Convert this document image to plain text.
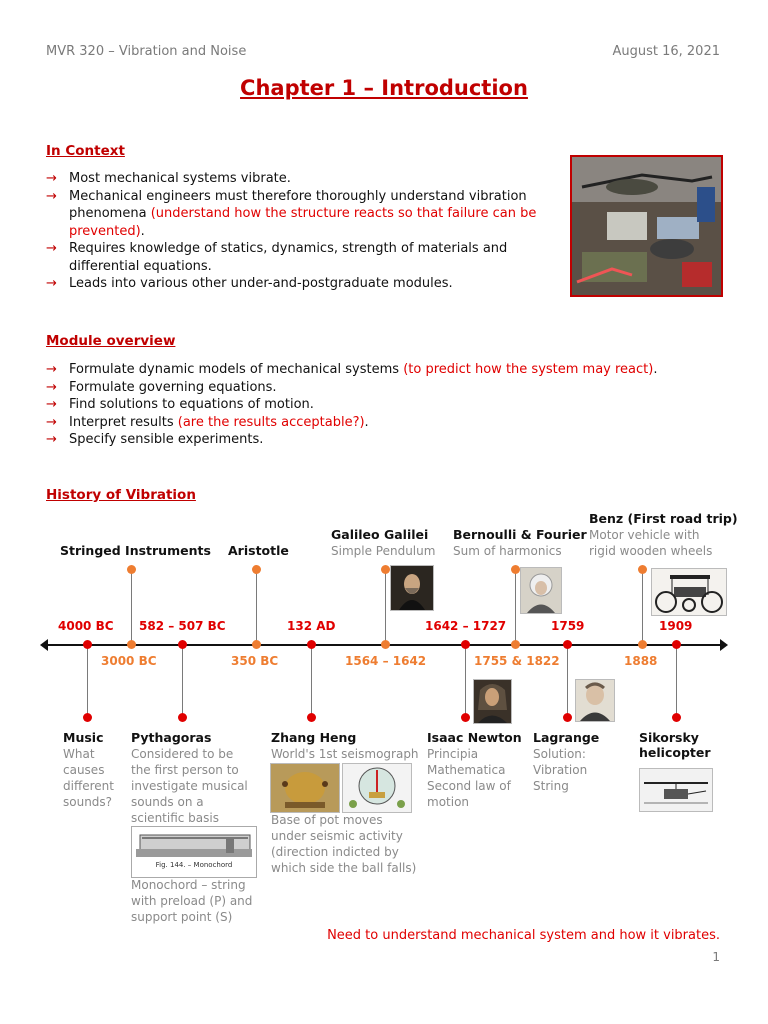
MVR 320 – Vibration and Noise	August 16, 2021
Chapter 1 – Introduction
In Context
→ Most mechanical systems vibrate.
→ Mechanical engineers must therefore thoroughly understand vibration phenomena (understand how the structure reacts so that failure can be prevented).
→ Requires knowledge of statics, dynamics, strength of materials and differential equations.
→ Leads into various other under-and-postgraduate modules.
Module overview
→ Formulate dynamic models of mechanical systems (to predict how the system may react).
→ Formulate governing equations.
→ Find solutions to equations of motion.
→ Interpret results (are the results acceptable?).
→ Specify sensible experiments.
History of Vibration
4000 BC 582 – 507 BC	132 AD	1642 – 1727	1759	1909
3000 BC	350 BC	1564 – 1642	1755 & 1822	1888
Stringed Instruments Aristotle
Galileo Galilei
Simple Pendulum
Bernoulli & Fourier
Sum of harmonics
Benz (First road trip)
Motor vehicle with rigid wooden wheels
Music
What causes different sounds?
Pythagoras
Considered to be the first person to investigate musical sounds on a scientific basis
Zhang Heng
World's 1st seismograph
Isaac Newton
Principia Mathematica Second law of motion
Lagrange
Solution: Vibration String
Sikorsky helicopter
Base of pot moves under seismic activity (direction indicted by which side the ball falls)
Fig. 144. – Monochord
Monochord – string with preload (P) and support point (S)
Need to understand mechanical system and how it vibrates.
1
